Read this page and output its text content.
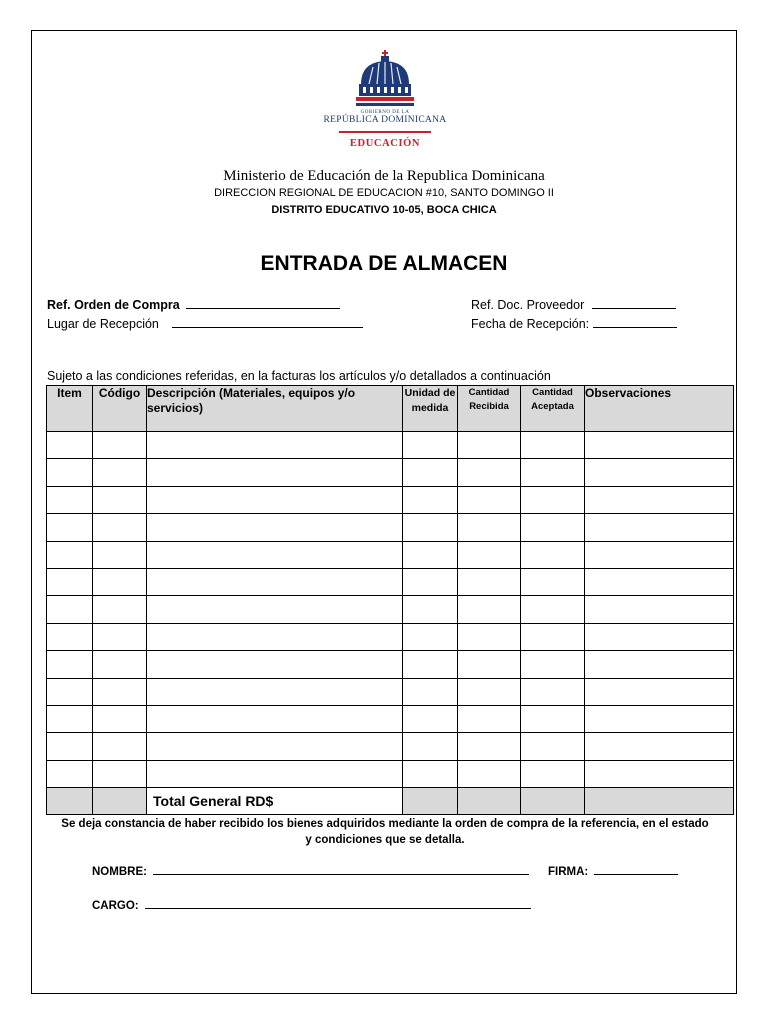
GOBIERNO DE LA
REPÚBLICA DOMINICANA
EDUCACIÓN
Ministerio de Educación de la Republica Dominicana
DIRECCION REGIONAL DE EDUCACION #10, SANTO DOMINGO II
DISTRITO EDUCATIVO 10-05, BOCA CHICA
ENTRADA DE ALMACEN
Ref. Orden de Compra
Lugar de Recepción
Ref. Doc. Proveedor
Fecha de Recepción:
Sujeto a las condiciones referidas, en la facturas los artículos y/o detallados a continuación
Item	Código	Descripción (Materiales, equipos y/o servicios)	Unidad de medida	Cantidad Recibida	Cantidad Aceptada	Observaciones

		Total General RD$				
Se deja constancia de haber recibido los bienes adquiridos mediante la orden de compra de la referencia, en el estado y condiciones que se detalla.
NOMBRE:	FIRMA:
CARGO:
